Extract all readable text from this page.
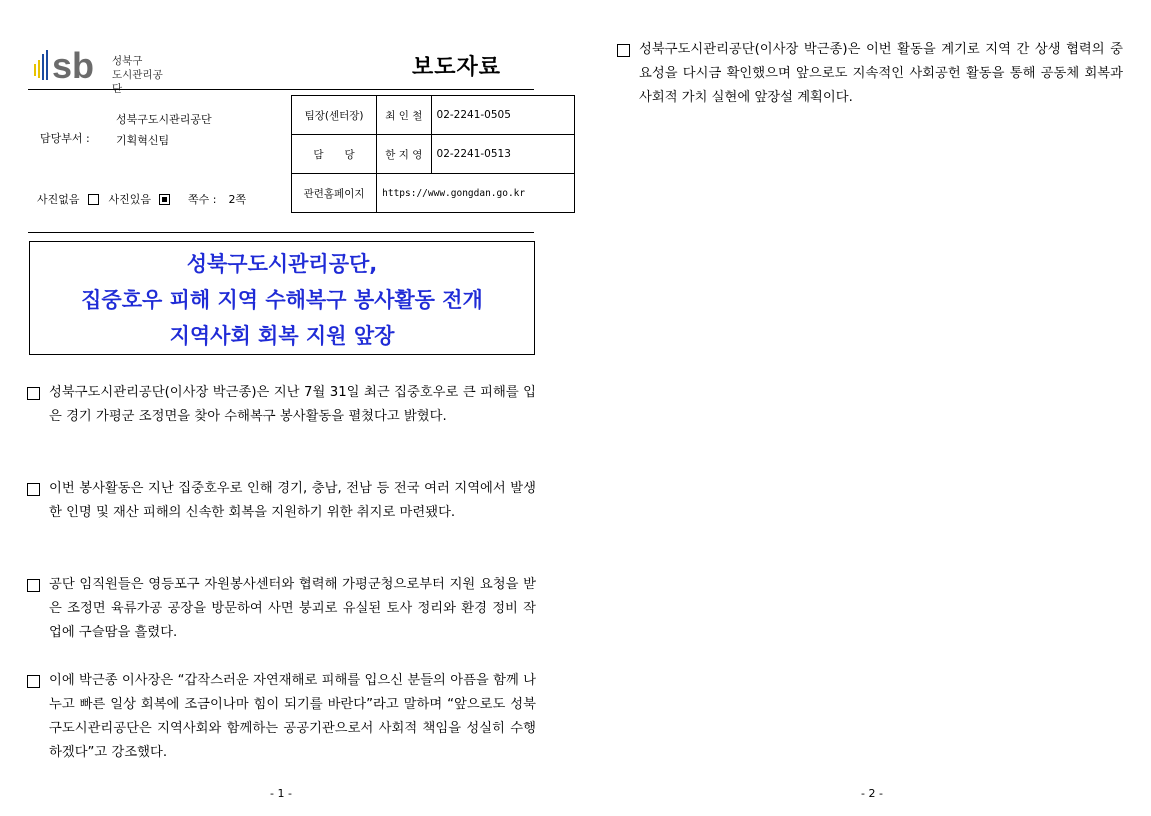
sb 성북구
도시관리공단
보도자료
성북구도시관리공단
담당부서 : 기획혁신팀
사진없음	사진있음	쪽수 : 2쪽
팀장(센터장)	최 인 철	02-2241-0505
담　　당	한 지 영	02-2241-0513
관련홈페이지	https://www.gongdan.go.kr	
성북구도시관리공단,
집중호우 피해 지역 수해복구 봉사활동 전개
지역사회 회복 지원 앞장
성북구도시관리공단(이사장 박근종)은 지난 7월 31일 최근 집중호우로 큰 피해를 입은 경기 가평군 조정면을 찾아 수해복구 봉사활동을 펼쳤다고 밝혔다.
이번 봉사활동은 지난 집중호우로 인해 경기, 충남, 전남 등 전국 여러 지역에서 발생한 인명 및 재산 피해의 신속한 회복을 지원하기 위한 취지로 마련됐다.
공단 임직원들은 영등포구 자원봉사센터와 협력해 가평군청으로부터 지원 요청을 받은 조정면 육류가공 공장을 방문하여 사면 붕괴로 유실된 토사 정리와 환경 정비 작업에 구슬땀을 흘렸다.
이에 박근종 이사장은 “갑작스러운 자연재해로 피해를 입으신 분들의 아픔을 함께 나누고 빠른 일상 회복에 조금이나마 힘이 되기를 바란다”라고 말하며 “앞으로도 성북구도시관리공단은 지역사회와 함께하는 공공기관으로서 사회적 책임을 성실히 수행하겠다”고 강조했다.
- 1 -
성북구도시관리공단(이사장 박근종)은 이번 활동을 계기로 지역 간 상생 협력의 중요성을 다시금 확인했으며 앞으로도 지속적인 사회공헌 활동을 통해 공동체 회복과 사회적 가치 실현에 앞장설 계획이다.
- 2 -
